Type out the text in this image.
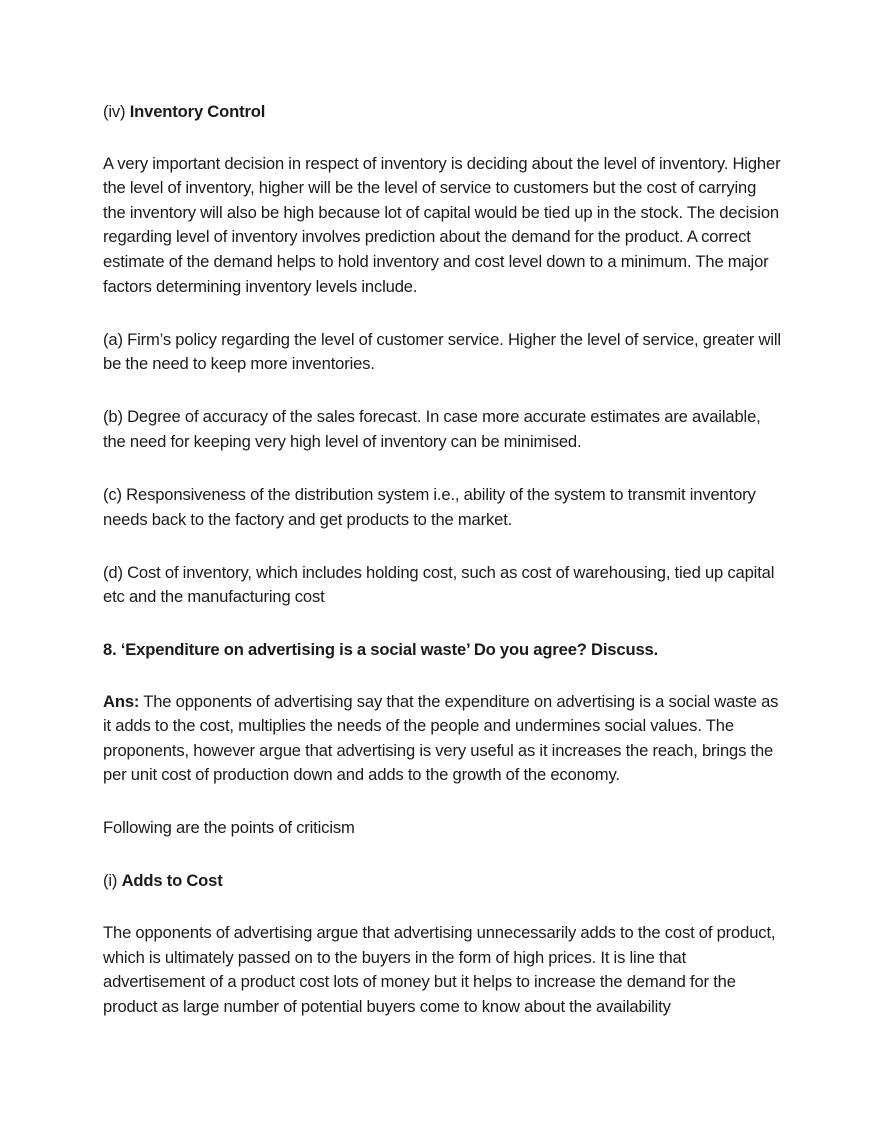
(iv) Inventory Control

A very important decision in respect of inventory is deciding about the level of inventory. Higher the level of inventory, higher will be the level of service to customers but the cost of carrying the inventory will also be high because lot of capital would be tied up in the stock. The decision regarding level of inventory involves prediction about the demand for the product. A correct estimate of the demand helps to hold inventory and cost level down to a minimum. The major factors determining inventory levels include.

(a) Firm’s policy regarding the level of customer service. Higher the level of service, greater will be the need to keep more inventories.

(b) Degree of accuracy of the sales forecast. In case more accurate estimates are available, the need for keeping very high level of inventory can be minimised.

(c) Responsiveness of the distribution system i.e., ability of the system to transmit inventory needs back to the factory and get products to the market.

(d) Cost of inventory, which includes holding cost, such as cost of warehousing, tied up capital etc and the manufacturing cost

8. ‘Expenditure on advertising is a social waste’ Do you agree? Discuss.

Ans: The opponents of advertising say that the expenditure on advertising is a social waste as it adds to the cost, multiplies the needs of the people and undermines social values. The proponents, however argue that advertising is very useful as it increases the reach, brings the per unit cost of production down and adds to the growth of the economy.

Following are the points of criticism

(i) Adds to Cost

The opponents of advertising argue that advertising unnecessarily adds to the cost of product, which is ultimately passed on to the buyers in the form of high prices. It is line that advertisement of a product cost lots of money but it helps to increase the demand for the product as large number of potential buyers come to know about the availability
